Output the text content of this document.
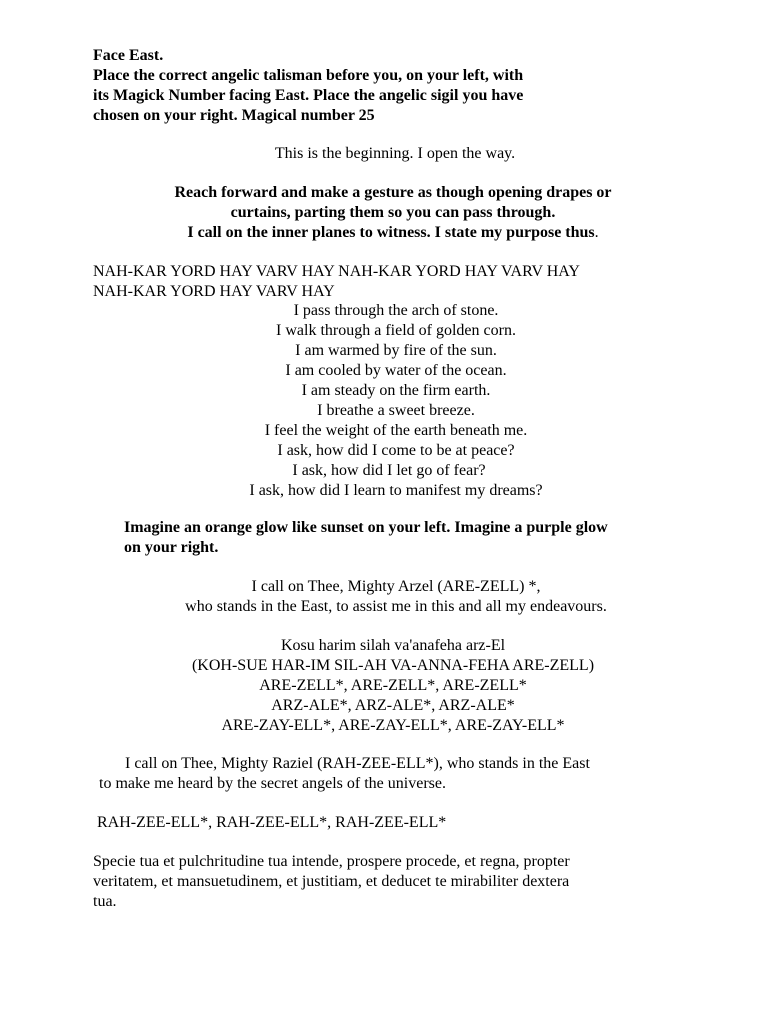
Face East.
Place the correct angelic talisman before you, on your left, with
its Magick Number facing East. Place the angelic sigil you have
chosen on your right. Magical number 25
This is the beginning. I open the way.
Reach forward and make a gesture as though opening drapes or
curtains, parting them so you can pass through.
I call on the inner planes to witness. I state my purpose thus.
NAH-KAR YORD HAY VARV HAY NAH-KAR YORD HAY VARV HAY
NAH-KAR YORD HAY VARV HAY
I pass through the arch of stone.
I walk through a field of golden corn.
I am warmed by fire of the sun.
I am cooled by water of the ocean.
I am steady on the firm earth.
I breathe a sweet breeze.
I feel the weight of the earth beneath me.
I ask, how did I come to be at peace?
I ask, how did I let go of fear?
I ask, how did I learn to manifest my dreams?
Imagine an orange glow like sunset on your left. Imagine a purple glow
on your right.
I call on Thee, Mighty Arzel (ARE-ZELL) *,
who stands in the East, to assist me in this and all my endeavours.
Kosu harim silah va'anafeha arz-El
(KOH-SUE HAR-IM SIL-AH VA-ANNA-FEHA ARE-ZELL)
ARE-ZELL*, ARE-ZELL*, ARE-ZELL*
ARZ-ALE*, ARZ-ALE*, ARZ-ALE*
ARE-ZAY-ELL*, ARE-ZAY-ELL*, ARE-ZAY-ELL*
I call on Thee, Mighty Raziel (RAH-ZEE-ELL*), who stands in the East
to make me heard by the secret angels of the universe.
RAH-ZEE-ELL*, RAH-ZEE-ELL*, RAH-ZEE-ELL*
Specie tua et pulchritudine tua intende, prospere procede, et regna, propter
veritatem, et mansuetudinem, et justitiam, et deducet te mirabiliter dextera
tua.
